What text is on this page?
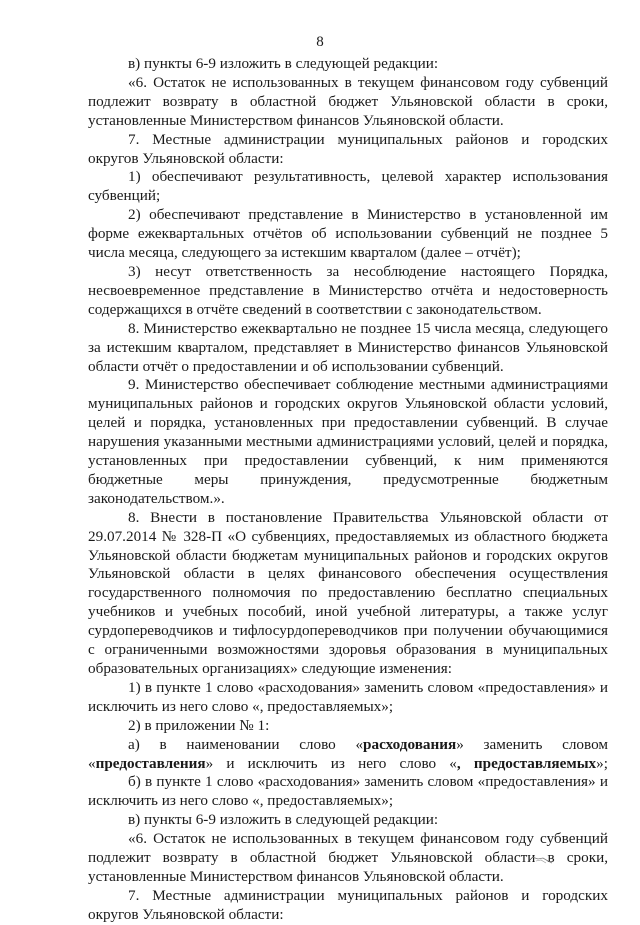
8

в) пункты 6-9 изложить в следующей редакции:

«6. Остаток не использованных в текущем финансовом году субвенций подлежит возврату в областной бюджет Ульяновской области в сроки, установленные Министерством финансов Ульяновской области.

7. Местные администрации муниципальных районов и городских округов Ульяновской области:

1) обеспечивают результативность, целевой характер использования субвенций;

2) обеспечивают представление в Министерство в установленной им форме ежеквартальных отчётов об использовании субвенций не позднее 5 числа месяца, следующего за истекшим кварталом (далее – отчёт);

3) несут ответственность за несоблюдение настоящего Порядка, несвоевременное представление в Министерство отчёта и недостоверность содержащихся в отчёте сведений в соответствии с законодательством.

8. Министерство ежеквартально не позднее 15 числа месяца, следующего за истекшим кварталом, представляет в Министерство финансов Ульяновской области отчёт о предоставлении и об использовании субвенций.

9. Министерство обеспечивает соблюдение местными администрациями муниципальных районов и городских округов Ульяновской области условий, целей и порядка, установленных при предоставлении субвенций. В случае нарушения указанными местными администрациями условий, целей и порядка, установленных при предоставлении субвенций, к ним применяются бюджетные меры принуждения, предусмотренные бюджетным законодательством.».

8. Внести в постановление Правительства Ульяновской области от 29.07.2014 № 328-П «О субвенциях, предоставляемых из областного бюджета Ульяновской области бюджетам муниципальных районов и городских округов Ульяновской области в целях финансового обеспечения осуществления государственного полномочия по предоставлению бесплатно специальных учебников и учебных пособий, иной учебной литературы, а также услуг сурдопереводчиков и тифлосурдопереводчиков при получении обучающимися с ограниченными возможностями здоровья образования в муниципальных образовательных организациях» следующие изменения:

1) в пункте 1 слово «расходования» заменить словом «предоставления» и исключить из него слово «, предоставляемых»;

2) в приложении № 1:

а) в наименовании слово «расходования» заменить словом «предоставления» и исключить из него слово «, предоставляемых»;

б) в пункте 1 слово «расходования» заменить словом «предоставления» и исключить из него слово «, предоставляемых»;

в) пункты 6-9 изложить в следующей редакции:

«6. Остаток не использованных в текущем финансовом году субвенций подлежит возврату в областной бюджет Ульяновской области в сроки, установленные Министерством финансов Ульяновской области.

7. Местные администрации муниципальных районов и городских округов Ульяновской области:
